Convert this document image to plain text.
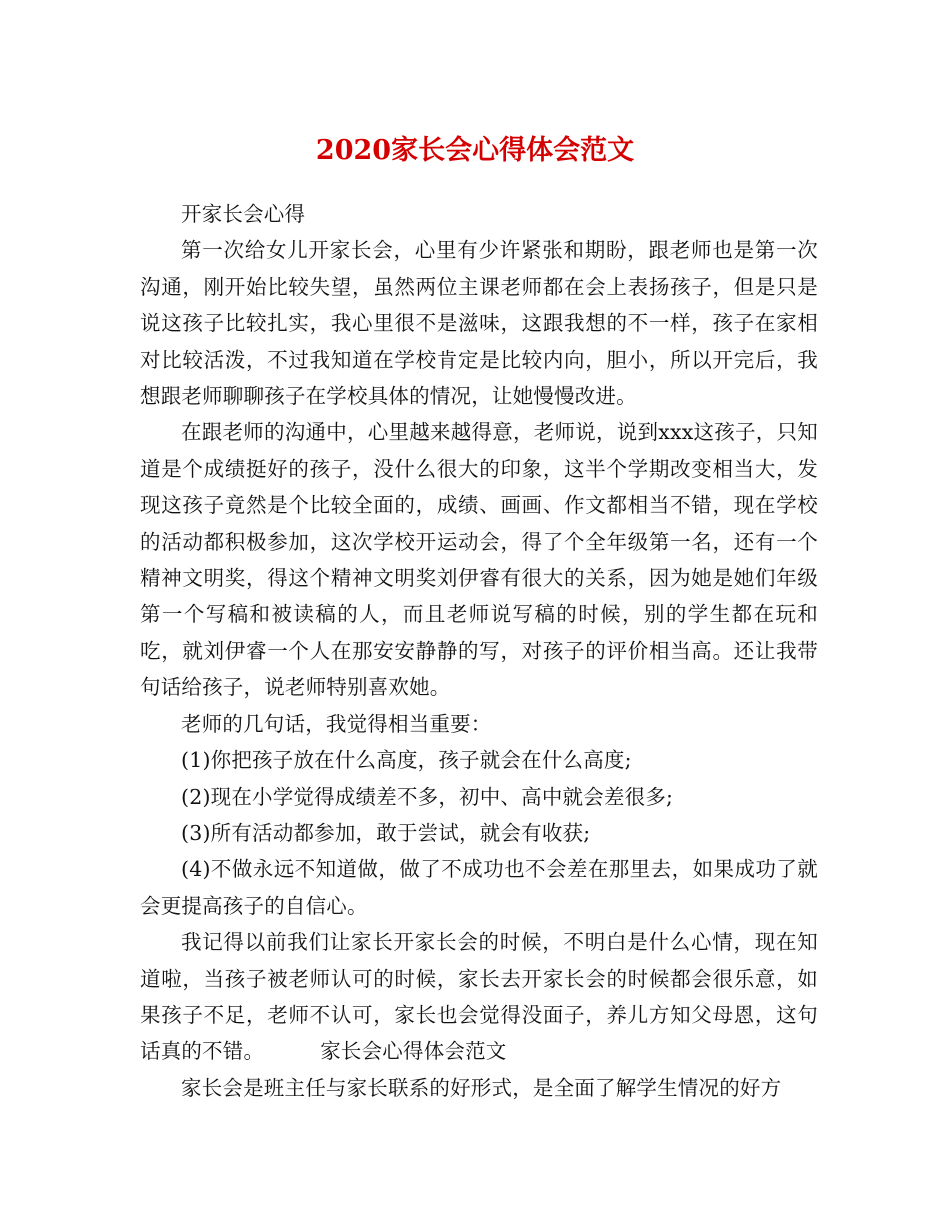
2020家长会心得体会范文

开家长会心得

第一次给女儿开家长会，心里有少许紧张和期盼，跟老师也是第一次沟通，刚开始比较失望，虽然两位主课老师都在会上表扬孩子，但是只是说这孩子比较扎实，我心里很不是滋味，这跟我想的不一样，孩子在家相对比较活泼，不过我知道在学校肯定是比较内向，胆小，所以开完后，我想跟老师聊聊孩子在学校具体的情况，让她慢慢改进。

在跟老师的沟通中，心里越来越得意，老师说，说到xxx这孩子，只知道是个成绩挺好的孩子，没什么很大的印象，这半个学期改变相当大，发现这孩子竟然是个比较全面的，成绩、画画、作文都相当不错，现在学校的活动都积极参加，这次学校开运动会，得了个全年级第一名，还有一个精神文明奖，得这个精神文明奖刘伊睿有很大的关系，因为她是她们年级第一个写稿和被读稿的人，而且老师说写稿的时候，别的学生都在玩和吃，就刘伊睿一个人在那安安静静的写，对孩子的评价相当高。还让我带句话给孩子，说老师特别喜欢她。

老师的几句话，我觉得相当重要：

(1)你把孩子放在什么高度，孩子就会在什么高度;

(2)现在小学觉得成绩差不多，初中、高中就会差很多;

(3)所有活动都参加，敢于尝试，就会有收获;

(4)不做永远不知道做，做了不成功也不会差在那里去，如果成功了就会更提高孩子的自信心。

我记得以前我们让家长开家长会的时候，不明白是什么心情，现在知道啦，当孩子被老师认可的时候，家长去开家长会的时候都会很乐意，如果孩子不足，老师不认可，家长也会觉得没面子，养儿方知父母恩，这句话真的不错。	家长会心得体会范文

家长会是班主任与家长联系的好形式，是全面了解学生情况的好方
